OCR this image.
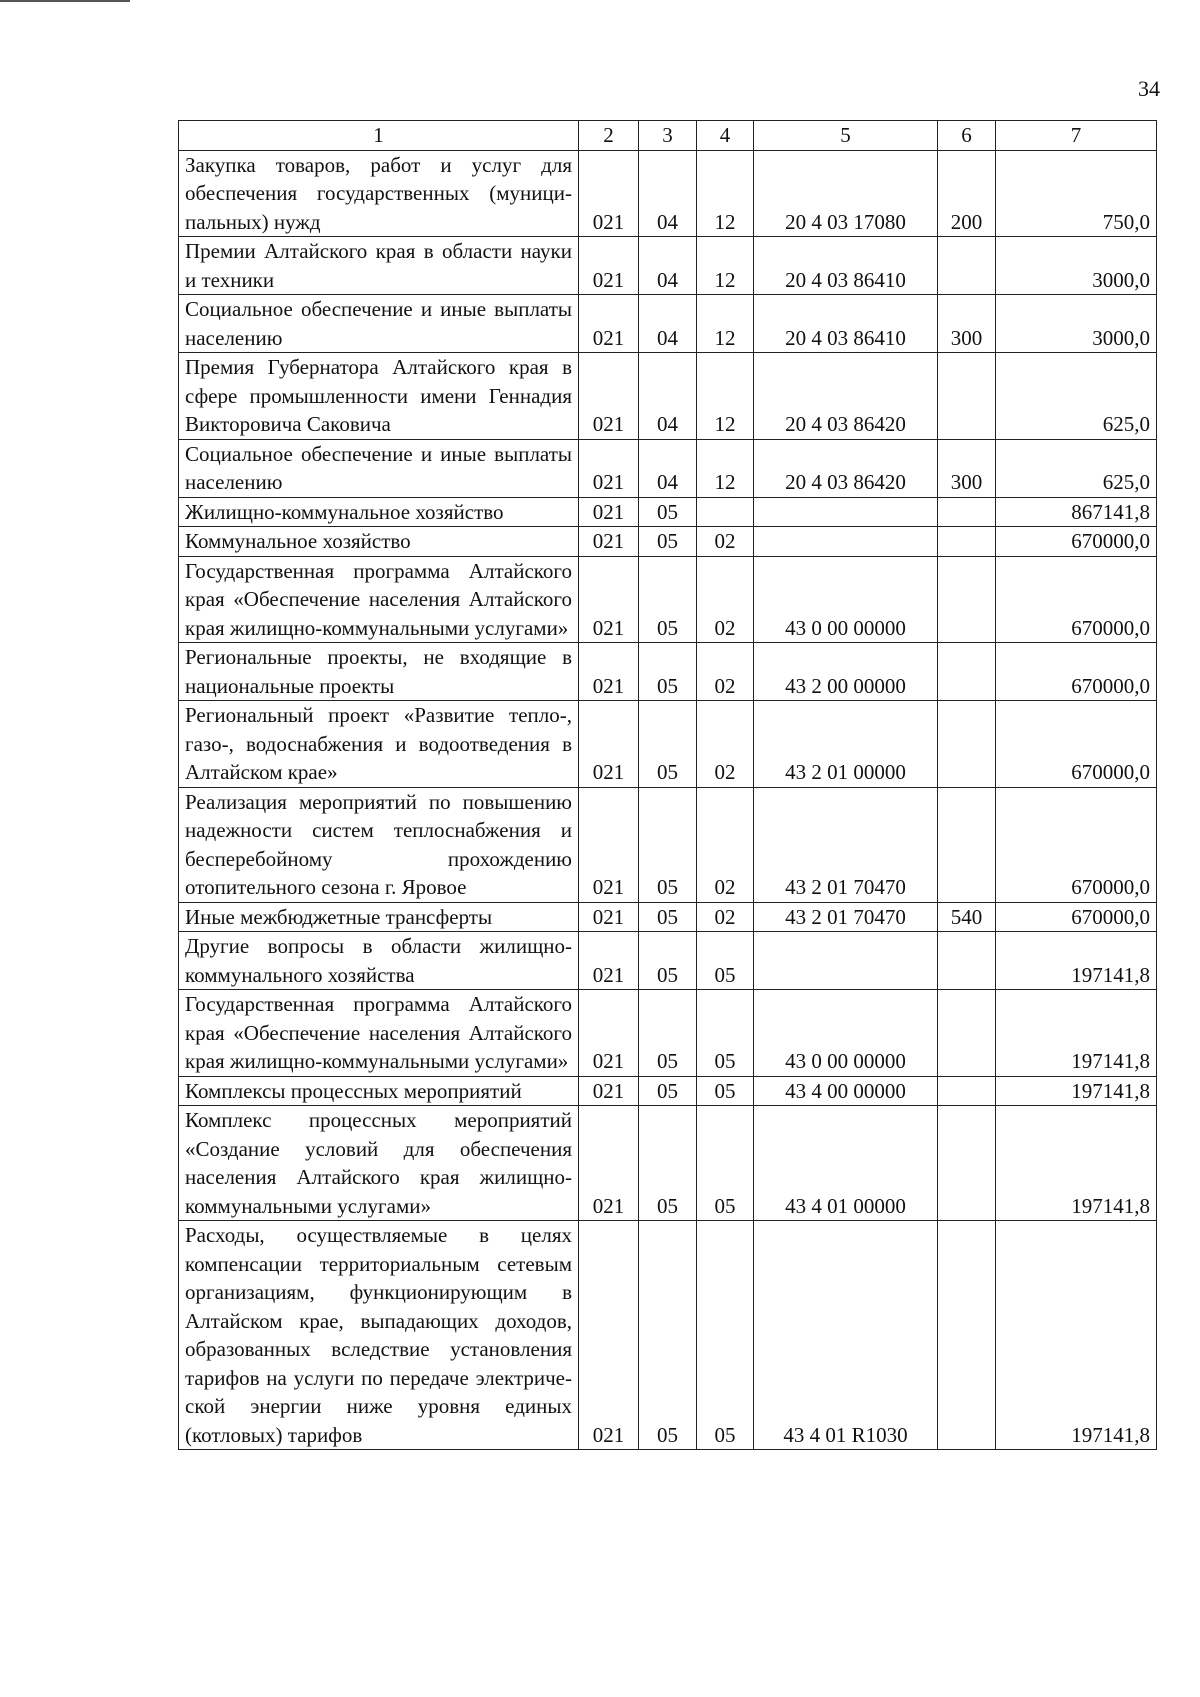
34
1	2	3	4	5	6	7
Закупка товаров, работ и услуг для обеспечения государственных (муниципальных) нужд	021	04	12	20 4 03 17080	200	750,0
Премии Алтайского края в области науки и техники	021	04	12	20 4 03 86410		3000,0
Социальное обеспечение и иные выплаты населению	021	04	12	20 4 03 86410	300	3000,0
Премия Губернатора Алтайского края в сфере промышленности имени Геннадия Викторовича Саковича	021	04	12	20 4 03 86420		625,0
Социальное обеспечение и иные выплаты населению	021	04	12	20 4 03 86420	300	625,0
Жилищно-коммунальное хозяйство	021	05				867141,8
Коммунальное хозяйство	021	05	02			670000,0
Государственная программа Алтайского края «Обеспечение населения Алтайского края жилищно-коммунальными услугами»	021	05	02	43 0 00 00000		670000,0
Региональные проекты, не входящие в национальные проекты	021	05	02	43 2 00 00000		670000,0
Региональный проект «Развитие тепло-, газо-, водоснабжения и водоотведения в Алтайском крае»	021	05	02	43 2 01 00000		670000,0
Реализация мероприятий по повышению надежности систем теплоснабжения и бесперебойному прохождению отопительного сезона г. Яровое	021	05	02	43 2 01 70470		670000,0
Иные межбюджетные трансферты	021	05	02	43 2 01 70470	540	670000,0
Другие вопросы в области жилищно-коммунального хозяйства	021	05	05			197141,8
Государственная программа Алтайского края «Обеспечение населения Алтайского края жилищно-коммунальными услугами»	021	05	05	43 0 00 00000		197141,8
Комплексы процессных мероприятий	021	05	05	43 4 00 00000		197141,8
Комплекс процессных мероприятий «Создание условий для обеспечения населения Алтайского края жилищно-коммунальными услугами»	021	05	05	43 4 01 00000		197141,8
Расходы, осуществляемые в целях компенсации территориальным сетевым организациям, функционирующим в Алтайском крае, выпадающих доходов, образованных вследствие установления тарифов на услуги по передаче электрической энергии ниже уровня единых (котловых) тарифов	021	05	05	43 4 01 R1030		197141,8
